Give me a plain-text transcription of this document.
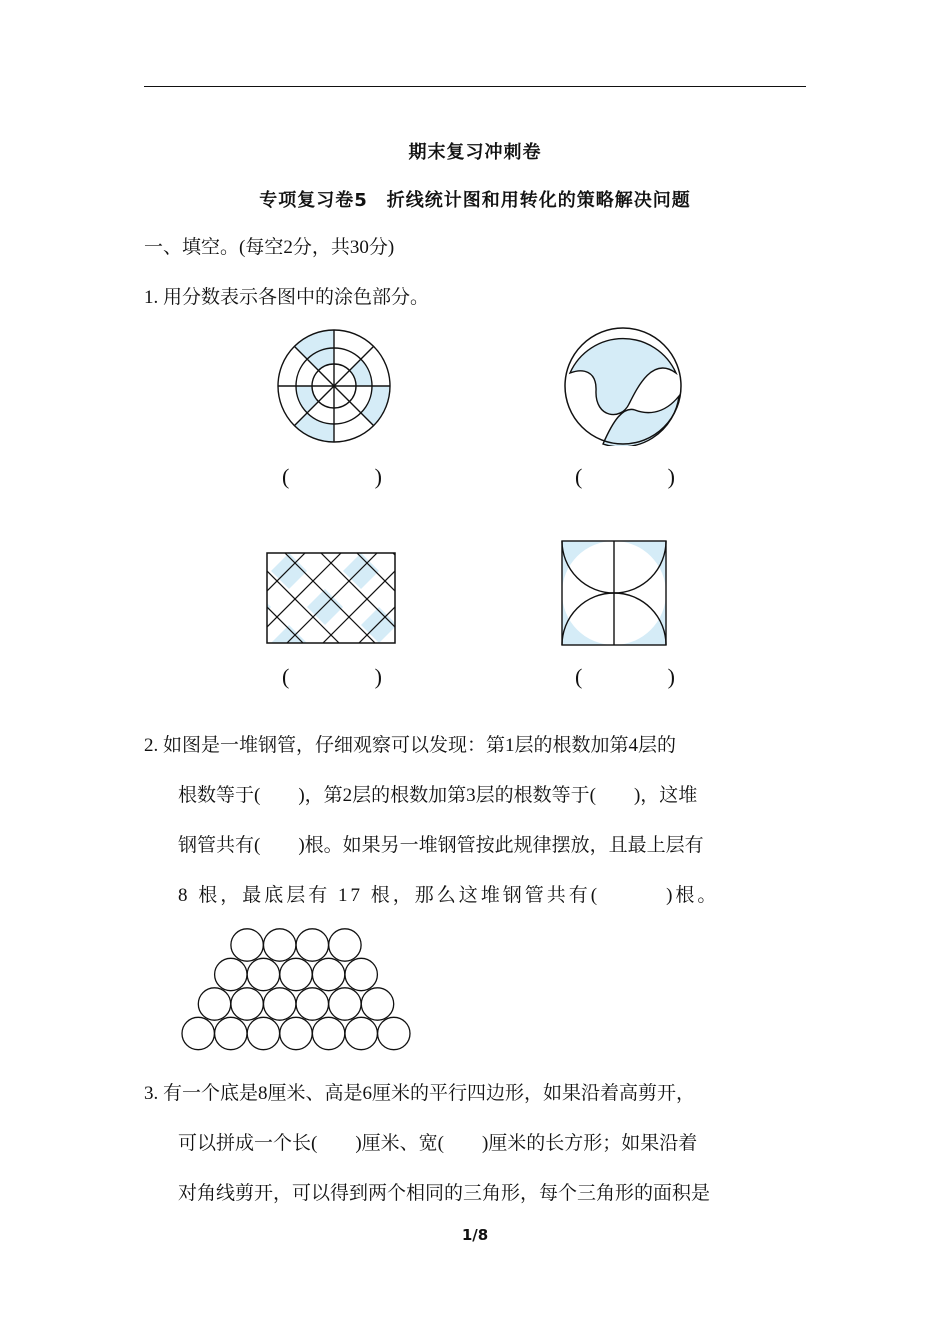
期末复习冲刺卷
专项复习卷5　折线统计图和用转化的策略解决问题
一、填空。(每空2分，共30分)
1. 用分数表示各图中的涂色部分。
(	)	(	)
(	)	(	)
2. 如图是一堆钢管，仔细观察可以发现：第1层的根数加第4层的
根数等于(　　)，第2层的根数加第3层的根数等于(　　)，这堆
钢管共有(　　)根。如果另一堆钢管按此规律摆放，且最上层有
8 根，最底层有 17 根，那么这堆钢管共有(　　　)根。
3. 有一个底是8厘米、高是6厘米的平行四边形，如果沿着高剪开，
可以拼成一个长(　　)厘米、宽(　　)厘米的长方形；如果沿着
对角线剪开，可以得到两个相同的三角形，每个三角形的面积是
1/8
